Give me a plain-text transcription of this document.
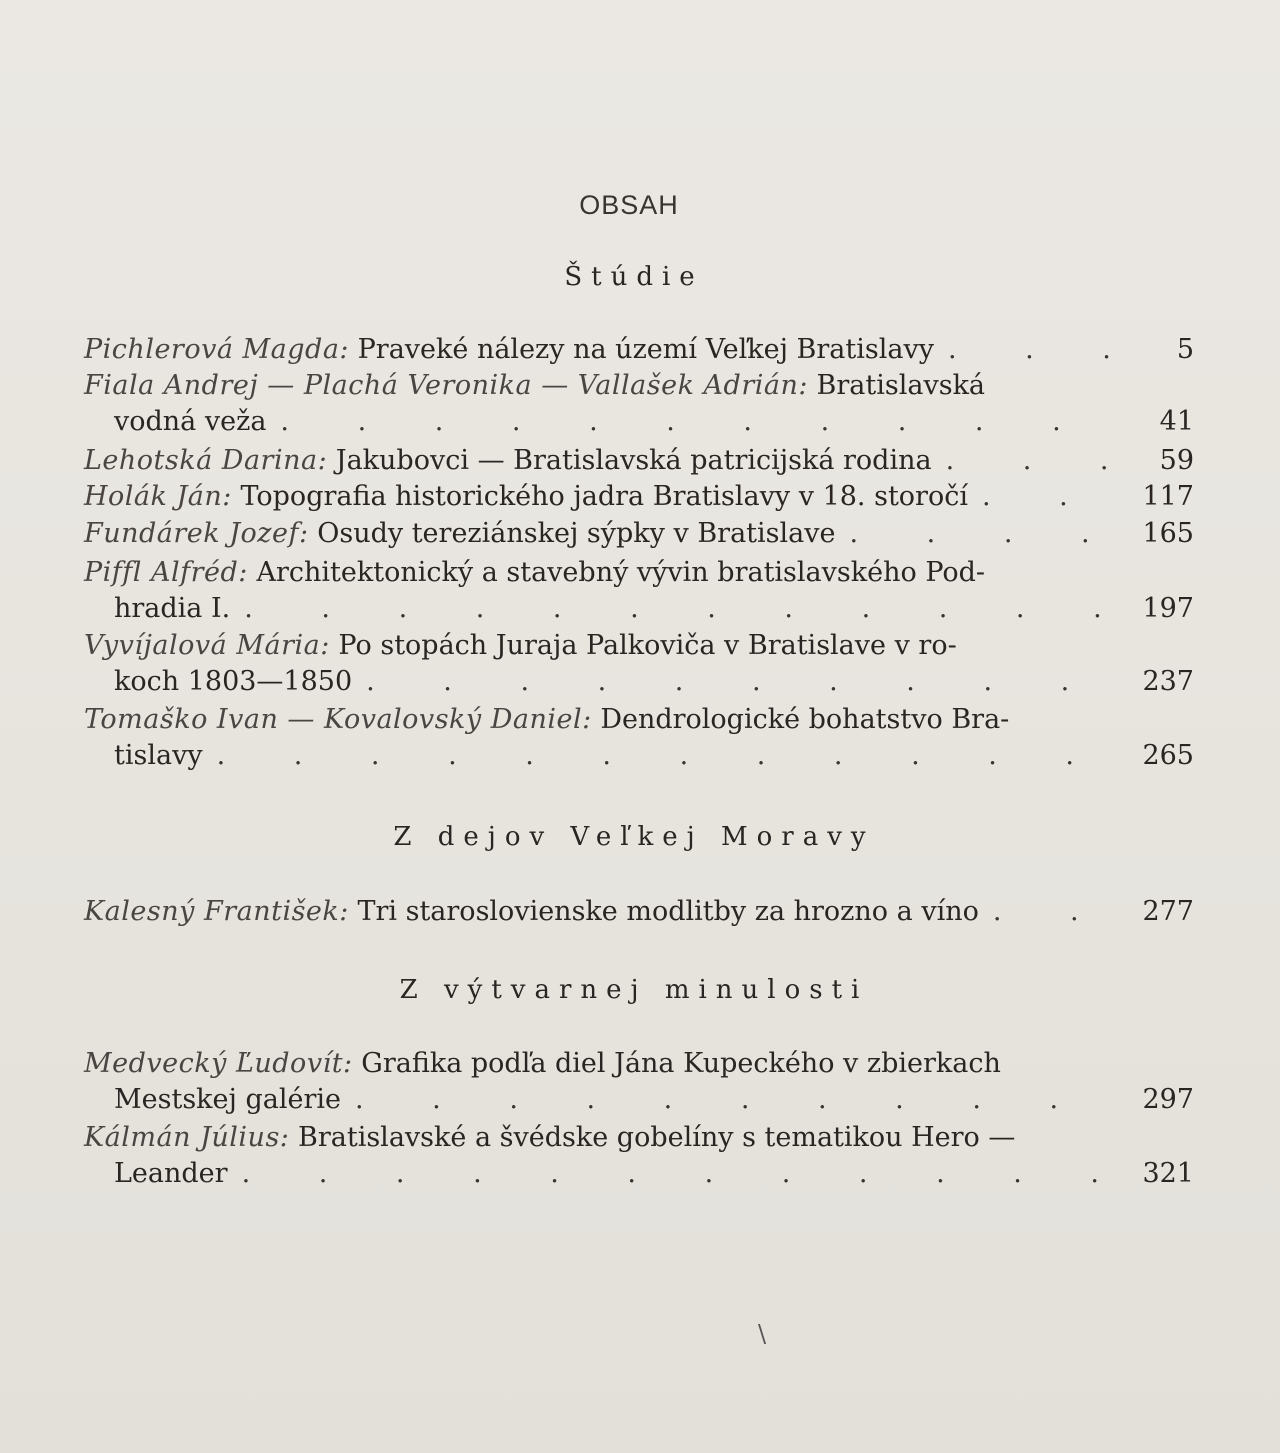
OBSAH
Štúdie
Pichlerová Magda:
Praveké nálezy na území Veľkej Bratislavy . . .	5
Fiala Andrej — Plachá Veronika — Vallašek Adrián: Bratislavská
vodná veža . . .	41
Lehotská Darina:
Jakubovci — Bratislavská patricijská rodina . . .	59
Holák Ján:
Topografia historického jadra Bratislavy v 18. storočí . . .	117
Fundárek Jozef:
Osudy tereziánskej sýpky v Bratislave . . .	165
Piffl Alfréd: Architektonický a stavebný vývin bratislavského Pod-
hradia I. . . .	197
Vyvíjalová Mária: Po stopách Juraja Palkoviča v Bratislave v ro-
koch 1803—1850 . . .	237
Tomaško Ivan — Kovalovský Daniel: Dendrologické bohatstvo Bra-
tislavy . . .	265
Z dejov Veľkej Moravy
Kalesný František:
Tri staroslovienske modlitby za hrozno a víno . . .	277
Z výtvarnej minulosti
Medvecký Ľudovít: Grafika podľa diel Jána Kupeckého v zbierkach
Mestskej galérie . . .	297
Kálmán Július: Bratislavské a švédske gobelíny s tematikou Hero —
Leander . . .	321
\
